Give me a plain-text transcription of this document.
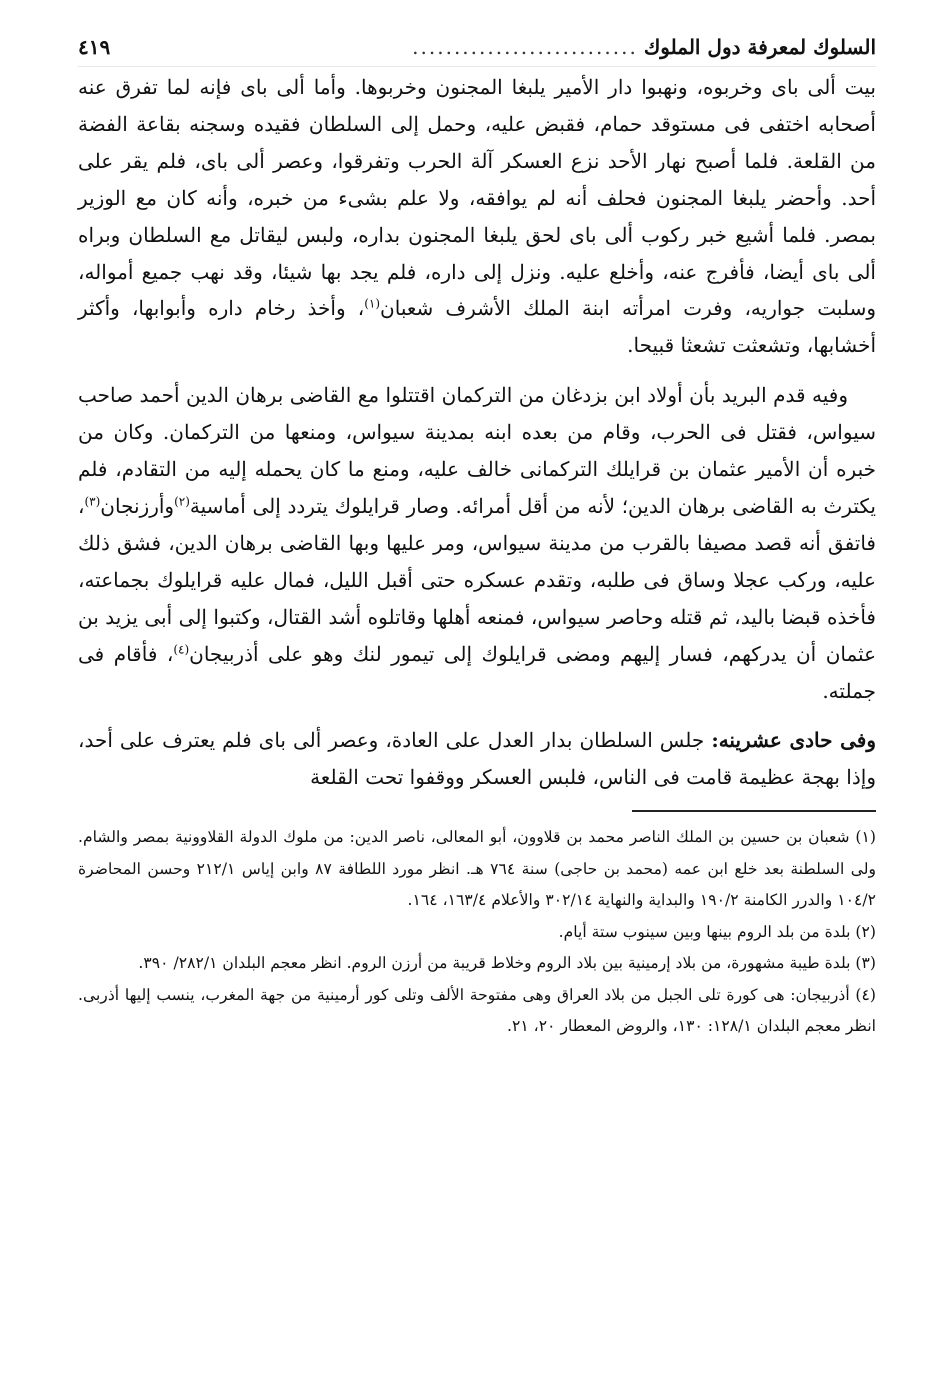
السلوك لمعرفة دول الملوك
...........................
٤١٩

بيت ألى باى وخربوه، ونهبوا دار الأمير يلبغا المجنون وخربوها. وأما ألى باى فإنه لما تفرق عنه أصحابه اختفى فى مستوقد حمام، فقبض عليه، وحمل إلى السلطان فقيده وسجنه بقاعة الفضة من القلعة. فلما أصبح نهار الأحد نزع العسكر آلة الحرب وتفرقوا، وعصر ألى باى، فلم يقر على أحد. وأحضر يلبغا المجنون فحلف أنه لم يوافقه، ولا علم بشىء من خبره، وأنه كان مع الوزير بمصر. فلما أشيع خبر ركوب ألى باى لحق يلبغا المجنون بداره، ولبس ليقاتل مع السلطان وبراه ألى باى أيضا، فأفرج عنه، وأخلع عليه. ونزل إلى داره، فلم يجد بها شيئا، وقد نهب جميع أمواله، وسلبت جواريه، وفرت امرأته ابنة الملك الأشرف شعبان$^{(١)}$، وأخذ رخام داره وأبوابها، وأكثر أخشابها، وتشعثت تشعثا قبيحا.

وفيه قدم البريد بأن أولاد ابن بزدغان من التركمان اقتتلوا مع القاضى برهان الدين أحمد صاحب سيواس، فقتل فى الحرب، وقام من بعده ابنه بمدينة سيواس، ومنعها من التركمان. وكان من خبره أن الأمير عثمان بن قرايلك التركمانى خالف عليه، ومنع ما كان يحمله إليه من التقادم، فلم يكترث به القاضى برهان الدين؛ لأنه من أقل أمرائه. وصار قرايلوك يتردد إلى أماسية$^{(٢)}$وأرزنجان$^{(٣)}$، فاتفق أنه قصد مصيفا بالقرب من مدينة سيواس، ومر عليها وبها القاضى برهان الدين، فشق ذلك عليه، وركب عجلا وساق فى طلبه، وتقدم عسكره حتى أقبل الليل، فمال عليه قرايلوك بجماعته، فأخذه قبضا باليد، ثم قتله وحاصر سيواس، فمنعه أهلها وقاتلوه أشد القتال، وكتبوا إلى أبى يزيد بن عثمان أن يدركهم، فسار إليهم ومضى قرايلوك إلى تيمور لنك وهو على أذربيجان$^{(٤)}$، فأقام فى جملته.

وفى حادى عشرينه: جلس السلطان بدار العدل على العادة، وعصر ألى باى فلم يعترف على أحد، وإذا بهجة عظيمة قامت فى الناس، فلبس العسكر ووقفوا تحت القلعة

(١) شعبان بن حسين بن الملك الناصر محمد بن قلاوون، أبو المعالى، ناصر الدين: من ملوك الدولة القلاوونية بمصر والشام. ولى السلطنة بعد خلع ابن عمه (محمد بن حاجى) سنة ٧٦٤ هـ. انظر مورد اللطافة ٨٧ وابن إياس ٢١٢/١ وحسن المحاضرة ١٠٤/٢ والدرر الكامنة ١٩٠/٢ والبداية والنهاية ٣٠٢/١٤ والأعلام ١٦٣/٤، ١٦٤.

(٢) بلدة من بلد الروم بينها وبين سينوب ستة أيام.

(٣) بلدة طيبة مشهورة، من بلاد إرمينية بين بلاد الروم وخلاط قريبة من أرزن الروم. انظر معجم البلدان ٢٨٢/١/ ٣٩٠.

(٤) أذربيجان: هى كورة تلى الجبل من بلاد العراق وهى مفتوحة الألف وتلى كور أرمينية من جهة المغرب، ينسب إليها أذربى. انظر معجم البلدان ١٢٨/١: ١٣٠، والروض المعطار ٢٠، ٢١.
